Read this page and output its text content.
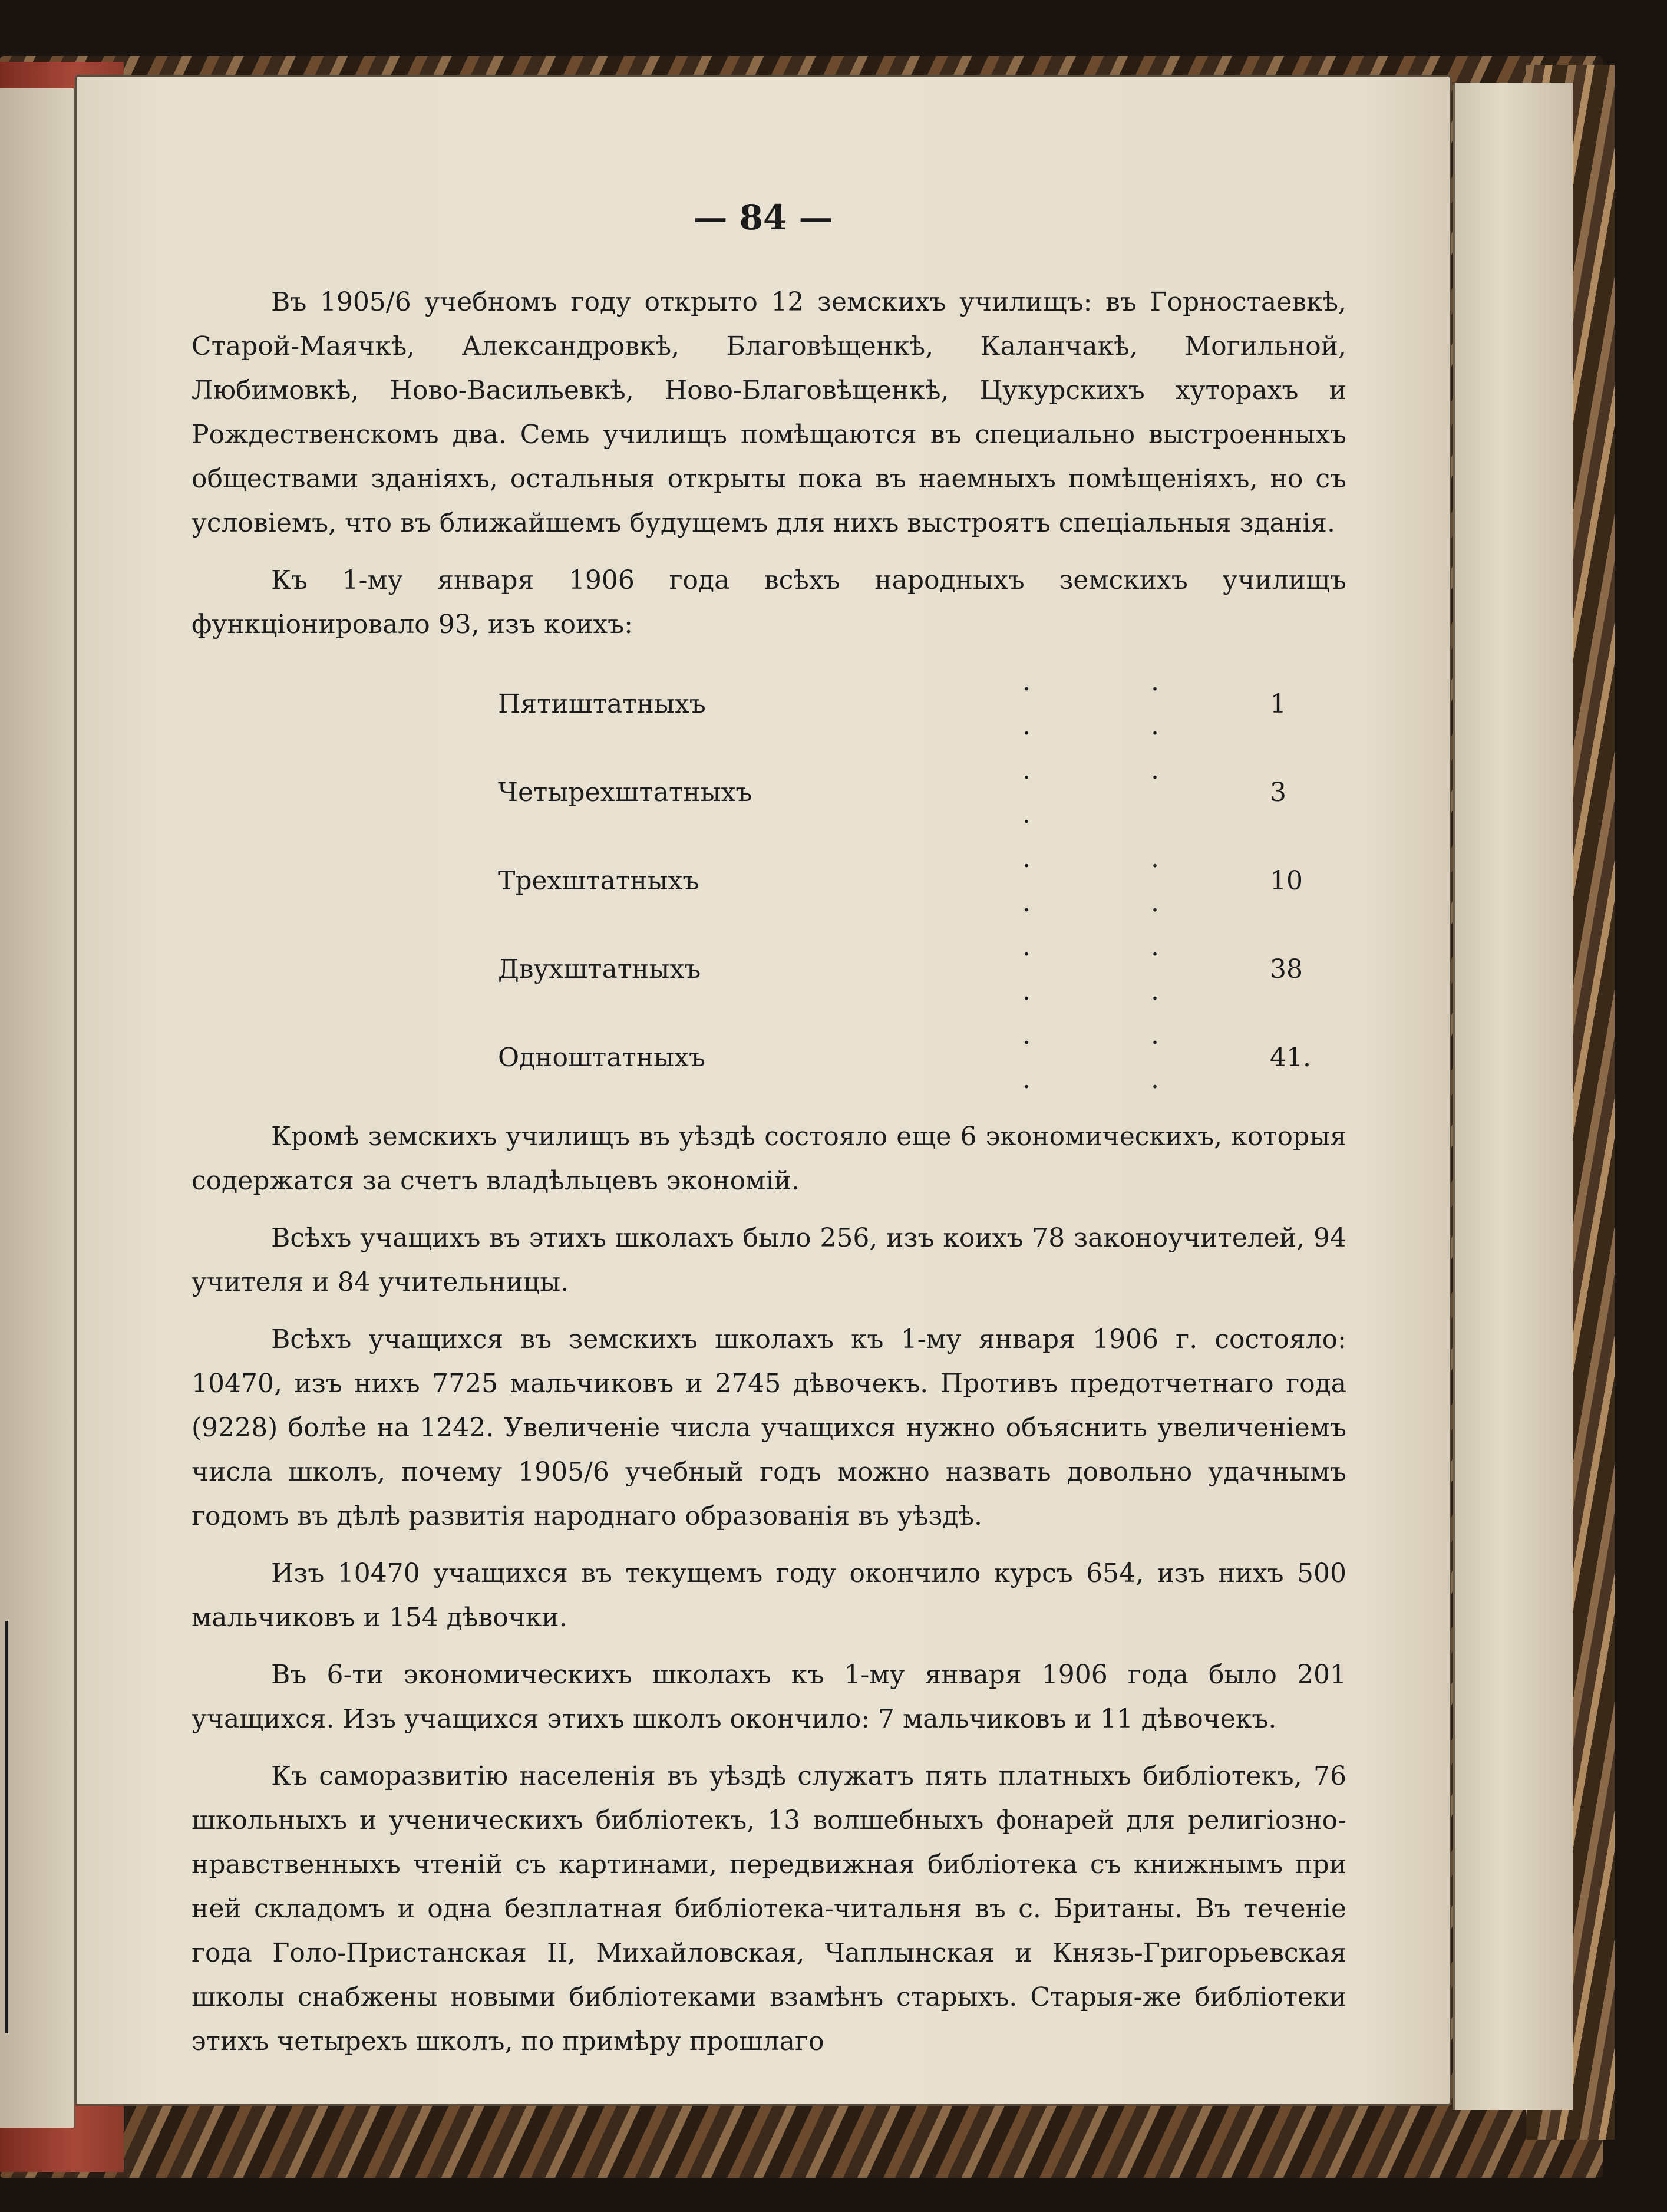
— 84 —

Въ 1905/6 учебномъ году открыто 12 земскихъ училищъ: въ Горностаевкѣ, Старой-Маячкѣ, Александровкѣ, Благовѣщенкѣ, Каланчакѣ, Могильной, Любимовкѣ, Ново-Васильевкѣ, Ново-Благовѣщенкѣ, Цукурскихъ хуторахъ и Рождественскомъ два. Семь училищъ помѣщаются въ специально выстроенныхъ обществами зданіяхъ, остальныя открыты пока въ наемныхъ помѣщеніяхъ, но съ условіемъ, что въ ближайшемъ будущемъ для нихъ выстроятъ спеціальныя зданія.

Къ 1-му января 1906 года всѣхъ народныхъ земскихъ училищъ функціонировало 93, изъ коихъ:

Пятиштатныхъ	. . . .	1
Четырехштатныхъ	. . .	3
Трехштатныхъ	. . . .	10
Двухштатныхъ	. . . .	38
Одноштатныхъ	. . . .	41.

Кромѣ земскихъ училищъ въ уѣздѣ состояло еще 6 экономическихъ, которыя содержатся за счетъ владѣльцевъ экономій.

Всѣхъ учащихъ въ этихъ школахъ было 256, изъ коихъ 78 законоучителей, 94 учителя и 84 учительницы.

Всѣхъ учащихся въ земскихъ школахъ къ 1-му января 1906 г. состояло: 10470, изъ нихъ 7725 мальчиковъ и 2745 дѣвочекъ. Противъ предотчетнаго года (9228) болѣе на 1242. Увеличеніе числа учащихся нужно объяснить увеличеніемъ числа школъ, почему 1905/6 учебный годъ можно назвать довольно удачнымъ годомъ въ дѣлѣ развитія народнаго образованія въ уѣздѣ.

Изъ 10470 учащихся въ текущемъ году окончило курсъ 654, изъ нихъ 500 мальчиковъ и 154 дѣвочки.

Въ 6-ти экономическихъ школахъ къ 1-му января 1906 года было 201 учащихся. Изъ учащихся этихъ школъ окончило: 7 мальчиковъ и 11 дѣвочекъ.

Къ саморазвитію населенія въ уѣздѣ служатъ пять платныхъ библіотекъ, 76 школьныхъ и ученическихъ библіотекъ, 13 волшебныхъ фонарей для религіозно-нравственныхъ чтеній съ картинами, передвижная библіотека съ книжнымъ при ней складомъ и одна безплатная библіотека-читальня въ с. Британы. Въ теченіе года Голо-Пристанская II, Михайловская, Чаплынская и Князь-Григорьевская школы снабжены новыми библіотеками взамѣнъ старыхъ. Старыя-же библіотеки этихъ четырехъ школъ, по примѣру прошлаго
